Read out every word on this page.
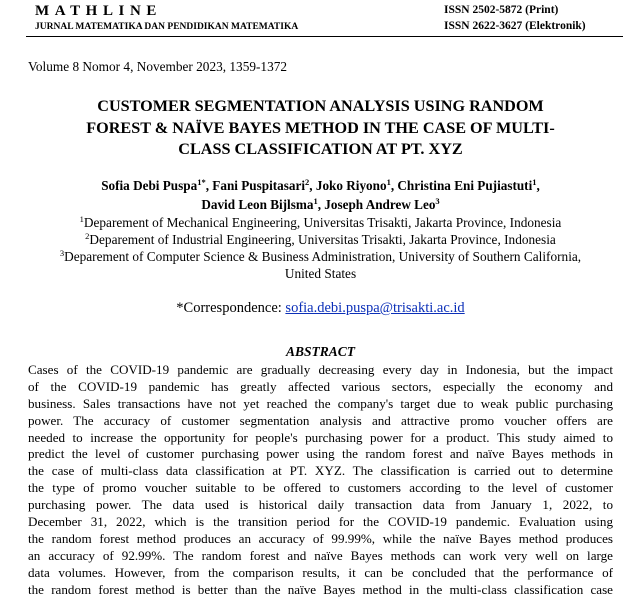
MATHLINE
JURNAL MATEMATIKA DAN PENDIDIKAN MATEMATIKA
ISSN 2502-5872 (Print)
ISSN 2622-3627 (Elektronik)
Volume 8 Nomor 4, November 2023, 1359-1372
CUSTOMER SEGMENTATION ANALYSIS USING RANDOM
FOREST & NAÏVE BAYES METHOD IN THE CASE OF MULTI-
CLASS CLASSIFICATION AT PT. XYZ
Sofia Debi Puspa$^{1*}$, Fani Puspitasari$^2$, Joko Riyono$^1$, Christina Eni Pujiastuti$^1$,
David Leon Bijlsma$^1$, Joseph Andrew Leo$^3$
$^1$Deparement of Mechanical Engineering, Universitas Trisakti, Jakarta Province, Indonesia
$^2$Deparement of Industrial Engineering, Universitas Trisakti, Jakarta Province, Indonesia
$^3$Deparement of Computer Science & Business Administration, University of Southern California,
United States
*Correspondence: sofia.debi.puspa@trisakti.ac.id
ABSTRACT
Cases of the COVID-19 pandemic are gradually decreasing every day in Indonesia, but the impact
of the COVID-19 pandemic has greatly affected various sectors, especially the economy and
business. Sales transactions have not yet reached the company's target due to weak public purchasing
power. The accuracy of customer segmentation analysis and attractive promo voucher offers are
needed to increase the opportunity for people's purchasing power for a product. This study aimed to
predict the level of customer purchasing power using the random forest and naïve Bayes methods in
the case of multi-class data classification at PT. XYZ. The classification is carried out to determine
the type of promo voucher suitable to be offered to customers according to the level of customer
purchasing power. The data used is historical daily transaction data from January 1, 2022, to
December 31, 2022, which is the transition period for the COVID-19 pandemic. Evaluation using
the random forest method produces an accuracy of 99.99%, while the naïve Bayes method produces
an accuracy of 92.99%. The random forest and naïve Bayes methods can work very well on large
data volumes. However, from the comparison results, it can be concluded that the performance of
the random forest method is better than the naïve Bayes method in the multi-class classification case
